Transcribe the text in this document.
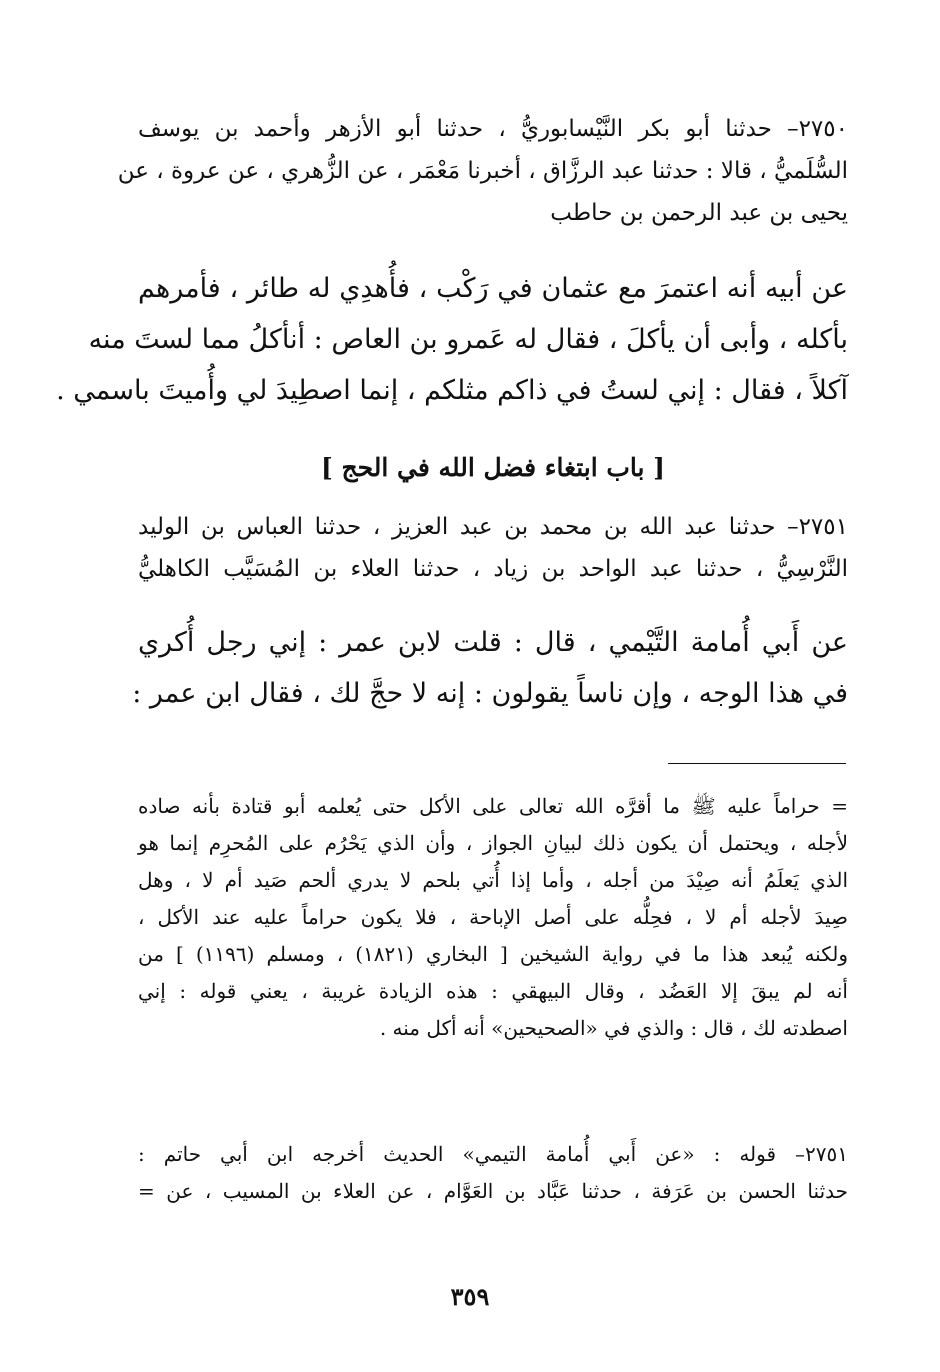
٢٧٥٠– حدثنا أبو بكر النَّيْسابوريُّ ، حدثنا أبو الأزهر وأحمد بن يوسف
السُّلَميُّ ، قالا : حدثنا عبد الرزَّاق ، أخبرنا مَعْمَر ، عن الزُّهري ، عن عروة ، عن
يحيى بن عبد الرحمن بن حاطب
عن أبيه أنه اعتمرَ مع عثمان في رَكْب ، فأُهدِي له طائر ، فأمرهم
بأكله ، وأبى أن يأكلَ ، فقال له عَمرو بن العاص : أنأكلُ مما لستَ منه
آكلاً ، فقال : إني لستُ في ذاكم مثلكم ، إنما اصطِيدَ لي وأُميتَ باسمي .
[ باب ابتغاء فضل الله في الحج ]
٢٧٥١– حدثنا عبد الله بن محمد بن عبد العزيز ، حدثنا العباس بن الوليد
النَّرْسِيُّ ، حدثنا عبد الواحد بن زياد ، حدثنا العلاء بن المُسَيَّب الكاهليُّ
عن أَبي أُمامة التَّيْمي ، قال : قلت لابن عمر : إني رجل أُكري
في هذا الوجه ، وإن ناساً يقولون : إنه لا حجَّ لك ، فقال ابن عمر :
= حراماً عليه ﷺ ما أقرَّه الله تعالى على الأكل حتى يُعلمه أبو قتادة بأنه صاده
لأجله ، ويحتمل أن يكون ذلك لبيانِ الجواز ، وأن الذي يَحْرُم على المُحرِم إنما هو
الذي يَعلَمُ أنه صِيْدَ من أجله ، وأما إذا أُتي بلحم لا يدري ألحم صَيد أم لا ، وهل
صِيدَ لأجله أم لا ، فحِلُّه على أصل الإباحة ، فلا يكون حراماً عليه عند الأكل ،
ولكنه يُبعد هذا ما في رواية الشيخين [ البخاري (١٨٢١) ، ومسلم (١١٩٦) ] من
أنه لم يبقَ إلا العَضُد ، وقال البيهقي : هذه الزيادة غريبة ، يعني قوله : إني
اصطدته لك ، قال : والذي في «الصحيحين» أنه أكل منه .
٢٧٥١– قوله : «عن أَبي أُمامة التيمي» الحديث أخرجه ابن أبي حاتم :
حدثنا الحسن بن عَرَفة ، حدثنا عَبَّاد بن العَوَّام ، عن العلاء بن المسيب ، عن =
٣٥٩
